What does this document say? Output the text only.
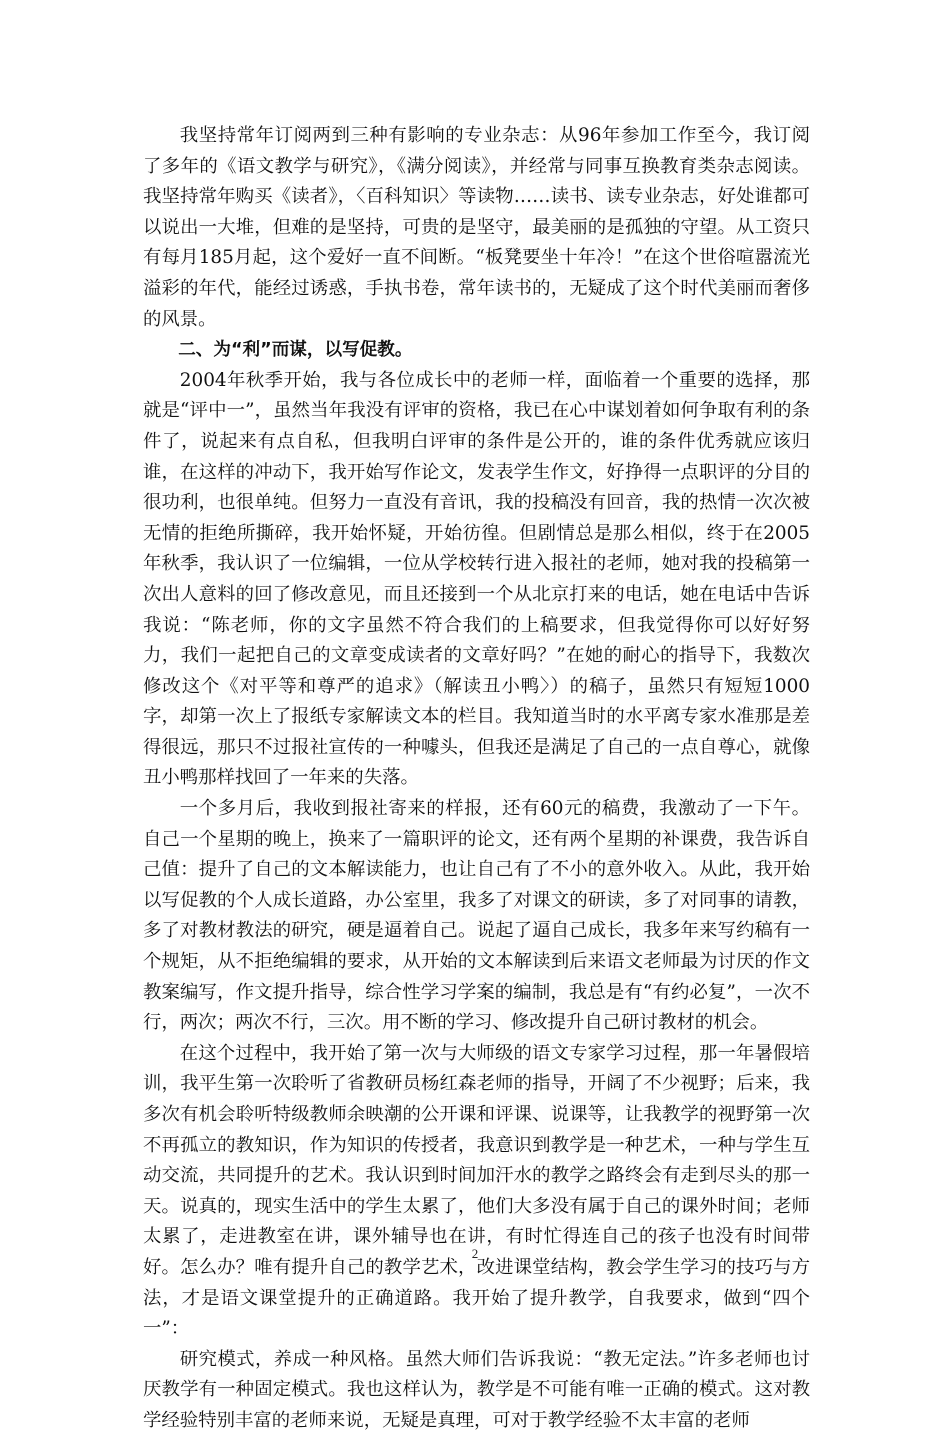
我坚持常年订阅两到三种有影响的专业杂志：从96年参加工作至今，我订阅了多年的《语文教学与研究》，《满分阅读》，并经常与同事互换教育类杂志阅读。我坚持常年购买《读者》，〈百科知识〉等读物……读书、读专业杂志，好处谁都可以说出一大堆，但难的是坚持，可贵的是坚守，最美丽的是孤独的守望。从工资只有每月185月起，这个爱好一直不间断。“板凳要坐十年冷！”在这个世俗喧嚣流光溢彩的年代，能经过诱惑，手执书卷，常年读书的，无疑成了这个时代美丽而奢侈的风景。

二、为“利”而谋，以写促教。

2004年秋季开始，我与各位成长中的老师一样，面临着一个重要的选择，那就是“评中一”，虽然当年我没有评审的资格，我已在心中谋划着如何争取有利的条件了，说起来有点自私，但我明白评审的条件是公开的，谁的条件优秀就应该归谁，在这样的冲动下，我开始写作论文，发表学生作文，好挣得一点职评的分目的很功利，也很单纯。但努力一直没有音讯，我的投稿没有回音，我的热情一次次被无情的拒绝所撕碎，我开始怀疑，开始彷徨。但剧情总是那么相似，终于在2005年秋季，我认识了一位编辑，一位从学校转行进入报社的老师，她对我的投稿第一次出人意料的回了修改意见，而且还接到一个从北京打来的电话，她在电话中告诉我说：“陈老师，你的文字虽然不符合我们的上稿要求，但我觉得你可以好好努力，我们一起把自己的文章变成读者的文章好吗？”在她的耐心的指导下，我数次修改这个《对平等和尊严的追求》（解读丑小鸭〉）的稿子，虽然只有短短1000字，却第一次上了报纸专家解读文本的栏目。我知道当时的水平离专家水准那是差得很远，那只不过报社宣传的一种噱头，但我还是满足了自己的一点自尊心，就像丑小鸭那样找回了一年来的失落。

一个多月后，我收到报社寄来的样报，还有60元的稿费，我激动了一下午。自己一个星期的晚上，换来了一篇职评的论文，还有两个星期的补课费，我告诉自己值：提升了自己的文本解读能力，也让自己有了不小的意外收入。从此，我开始以写促教的个人成长道路，办公室里，我多了对课文的研读，多了对同事的请教，多了对教材教法的研究，硬是逼着自己。说起了逼自己成长，我多年来写约稿有一个规矩，从不拒绝编辑的要求，从开始的文本解读到后来语文老师最为讨厌的作文教案编写，作文提升指导，综合性学习学案的编制，我总是有“有约必复”，一次不行，两次；两次不行，三次。用不断的学习、修改提升自己研讨教材的机会。

在这个过程中，我开始了第一次与大师级的语文专家学习过程，那一年暑假培训，我平生第一次聆听了省教研员杨红森老师的指导，开阔了不少视野；后来，我多次有机会聆听特级教师余映潮的公开课和评课、说课等，让我教学的视野第一次不再孤立的教知识，作为知识的传授者，我意识到教学是一种艺术，一种与学生互动交流，共同提升的艺术。我认识到时间加汗水的教学之路终会有走到尽头的那一天。说真的，现实生活中的学生太累了，他们大多没有属于自己的课外时间；老师太累了，走进教室在讲，课外辅导也在讲，有时忙得连自己的孩子也没有时间带好。怎么办？唯有提升自己的教学艺术，改进课堂结构，教会学生学习的技巧与方法，才是语文课堂提升的正确道路。我开始了提升教学，自我要求，做到“四个一”：

研究模式，养成一种风格。虽然大师们告诉我说：“教无定法。”许多老师也讨厌教学有一种固定模式。我也这样认为，教学是不可能有唯一正确的模式。这对教学经验特别丰富的老师来说，无疑是真理，可对于教学经验不太丰富的老师

2
